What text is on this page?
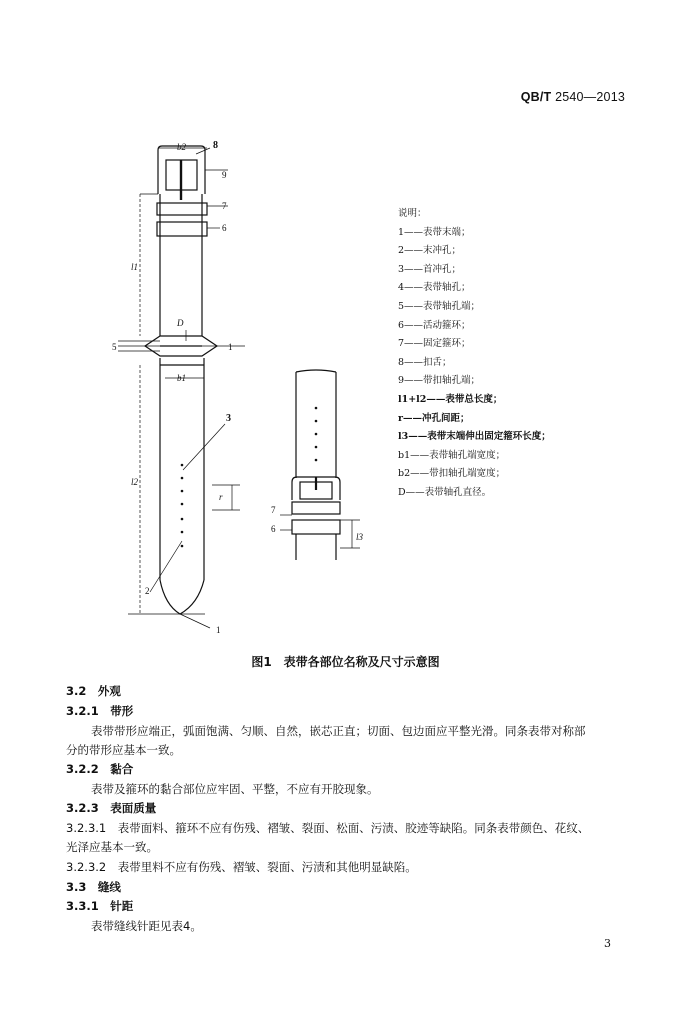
QB/T 2540—2013
b2	8
9
7
6
l1
D
5	1
b1
3
l2
r
2
1
7
6
l3
说明：
1——表带末端；
2——末冲孔；
3——首冲孔；
4——表带轴孔；
5——表带轴孔端；
6——活动箍环；
7——固定箍环；
8——扣舌；
9——带扣轴孔端；
l1+l2——表带总长度；
r——冲孔间距；
l3——表带末端伸出固定箍环长度；
b1——表带轴孔端宽度；
b2——带扣轴孔端宽度；
D——表带轴孔直径。
图1　表带各部位名称及尺寸示意图
3.2　外观
3.2.1　带形
表带带形应端正，弧面饱满、匀顺、自然，嵌芯正直；切面、包边面应平整光滑。同条表带对称部
分的带形应基本一致。
3.2.2　黏合
表带及箍环的黏合部位应牢固、平整，不应有开胶现象。
3.2.3　表面质量
3.2.3.1　表带面料、箍环不应有伤残、褶皱、裂面、松面、污渍、胶迹等缺陷。同条表带颜色、花纹、
光泽应基本一致。
3.2.3.2　表带里料不应有伤残、褶皱、裂面、污渍和其他明显缺陷。
3.3　缝线
3.3.1　针距
表带缝线针距见表4。
3
